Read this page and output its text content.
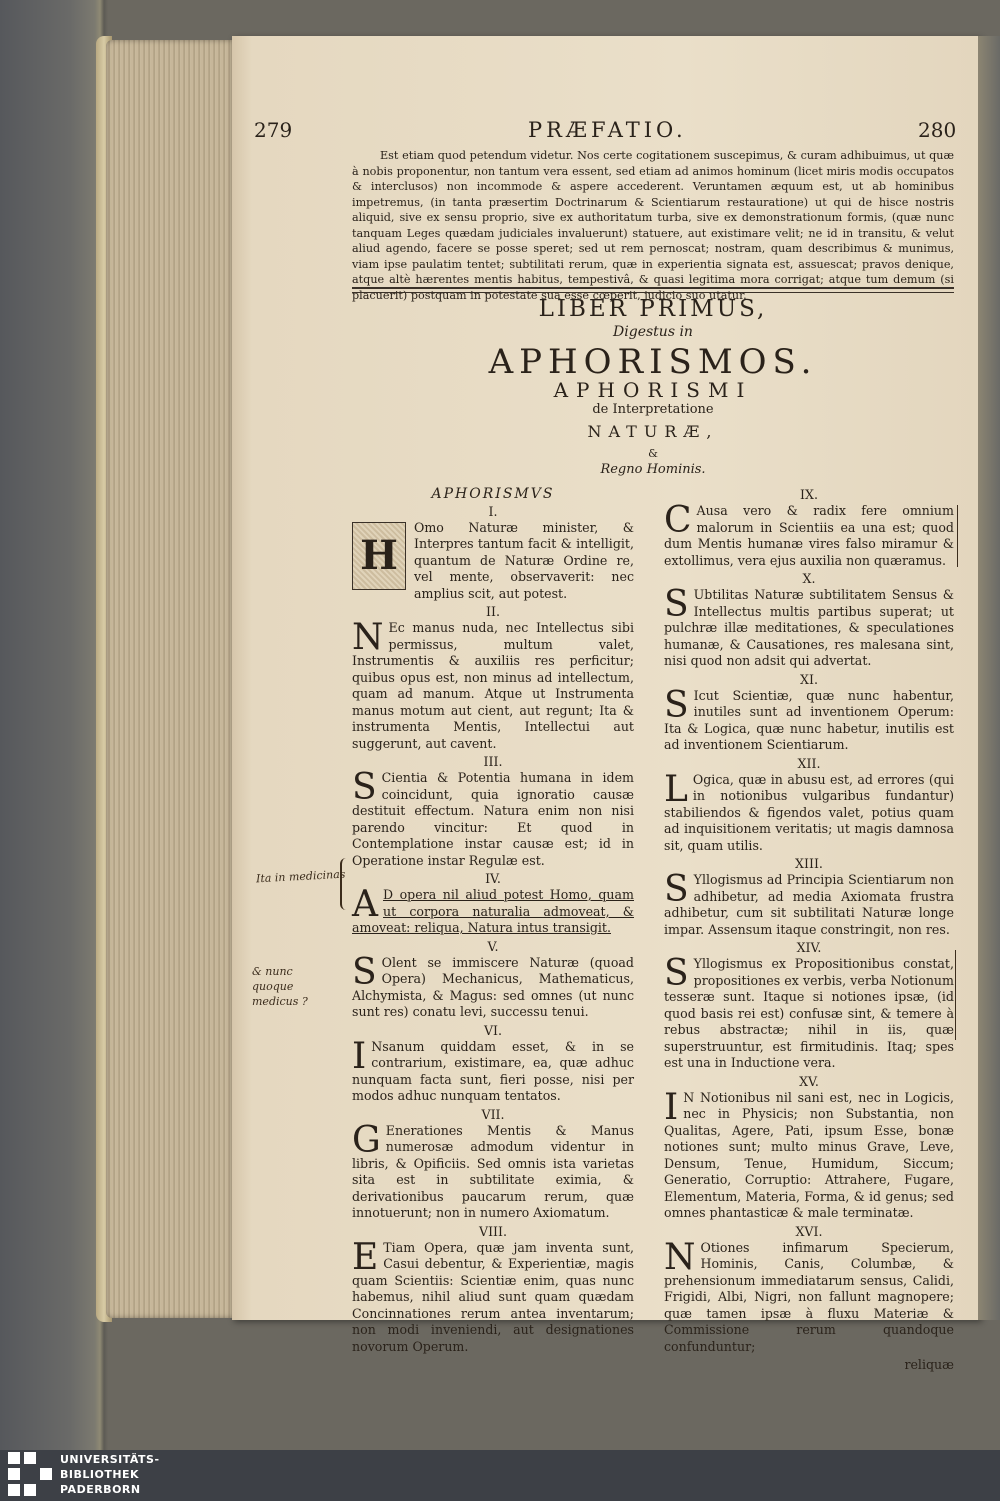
279	PRÆFATIO.	280

Est etiam quod petendum videtur. Nos certe cogitationem suscepimus, & curam adhibuimus, ut quæ à nobis proponentur, non tantum vera essent, sed etiam ad animos hominum (licet miris modis occupatos & interclusos) non incommode & aspere accederent. Veruntamen æquum est, ut ab hominibus impetremus, (in tanta præsertim Doctrinarum & Scientiarum restauratione) ut qui de hisce nostris aliquid, sive ex sensu proprio, sive ex authoritatum turba, sive ex demonstrationum formis, (quæ nunc tanquam Leges quædam judiciales invaluerunt) statuere, aut existimare velit; ne id in transitu, & velut aliud agendo, facere se posse speret; sed ut rem pernoscat; nostram, quam describimus & munimus, viam ipse paulatim tentet; subtilitati rerum, quæ in experientia signata est, assuescat; pravos denique, atque altè hærentes mentis habitus, tempestivâ, & quasi legitima mora corrigat; atque tum demum (si placuerit) postquam in potestate sua esse cœperit, judicio suo utatur.

LIBER PRIMUS,
Digestus in
APHORISMOS.
APHORISMI
de Interpretatione
NATURÆ,
&
Regno Hominis.
APHORISMVS
I.

H
Omo Naturæ minister, & Interpres tantum facit & intelligit, quantum de Naturæ Ordine re, vel mente, observaverit: nec amplius scit, aut potest.

II.

N Ec manus nuda, nec Intellectus sibi permissus, multum valet, Instrumentis & auxiliis res perficitur; quibus opus est, non minus ad intellectum, quam ad manum. Atque ut Instrumenta manus motum aut cient, aut regunt; Ita & instrumenta Mentis, Intellectui aut suggerunt, aut cavent.

III.

S Cientia & Potentia humana in idem coincidunt, quia ignoratio causæ destituit effectum. Natura enim non nisi parendo vincitur: Et quod in Contemplatione instar causæ est; id in Operatione instar Regulæ est.

IV.

A D opera nil aliud potest Homo, quam ut corpora naturalia admoveat, & amoveat: reliqua, Natura intus transigit.

V.

S Olent se immiscere Naturæ (quoad Opera) Mechanicus, Mathematicus, Alchymista, & Magus: sed omnes (ut nunc sunt res) conatu levi, successu tenui.

VI.

I Nsanum quiddam esset, & in se contrarium, existimare, ea, quæ adhuc nunquam facta sunt, fieri posse, nisi per modos adhuc nunquam tentatos.

VII.

G Enerationes Mentis & Manus numerosæ admodum videntur in libris, & Opificiis. Sed omnis ista varietas sita est in subtilitate eximia, & derivationibus paucarum rerum, quæ innotuerunt; non in numero Axiomatum.

VIII.

E Tiam Opera, quæ jam inventa sunt, Casui debentur, & Experientiæ, magis quam Scientiis: Scientiæ enim, quas nunc habemus, nihil aliud sunt quam quædam Concinnationes rerum antea inventarum; non modi inveniendi, aut designationes novorum Operum.

IX.

C Ausa vero & radix fere omnium malorum in Scientiis ea una est; quod dum Mentis humanæ vires falso miramur & extollimus, vera ejus auxilia non quæramus.

X.

S Ubtilitas Naturæ subtilitatem Sensus & Intellectus multis partibus superat; ut pulchræ illæ meditationes, & speculationes humanæ, & Causationes, res malesana sint, nisi quod non adsit qui advertat.

XI.

S Icut Scientiæ, quæ nunc habentur, inutiles sunt ad inventionem Operum: Ita & Logica, quæ nunc habetur, inutilis est ad inventionem Scientiarum.

XII.

L Ogica, quæ in abusu est, ad errores (qui in notionibus vulgaribus fundantur) stabiliendos & figendos valet, potius quam ad inquisitionem veritatis; ut magis damnosa sit, quam utilis.

XIII.

S Yllogismus ad Principia Scientiarum non adhibetur, ad media Axiomata frustra adhibetur, cum sit subtilitati Naturæ longe impar. Assensum itaque constringit, non res.

XIV.

S Yllogismus ex Propositionibus constat, propositiones ex verbis, verba Notionum tesseræ sunt. Itaque si notiones ipsæ, (id quod basis rei est) confusæ sint, & temere à rebus abstractæ; nihil in iis, quæ superstruuntur, est firmitudinis. Itaq; spes est una in Inductione vera.

XV.

I N Notionibus nil sani est, nec in Logicis, nec in Physicis; non Substantia, non Qualitas, Agere, Pati, ipsum Esse, bonæ notiones sunt; multo minus Grave, Leve, Densum, Tenue, Humidum, Siccum; Generatio, Corruptio: Attrahere, Fugare, Elementum, Materia, Forma, & id genus; sed omnes phantasticæ & male terminatæ.

XVI.

N Otiones infimarum Specierum, Hominis, Canis, Columbæ, & prehensionum immediatarum sensus, Calidi, Frigidi, Albi, Nigri, non fallunt magnopere; quæ tamen ipsæ à fluxu Materiæ & Commissione rerum quandoque confunduntur;

reliquæ
Ita in medicinas
& nunc quoque medicus ?
UNIVERSITÄTS-
BIBLIOTHEK
PADERBORN
